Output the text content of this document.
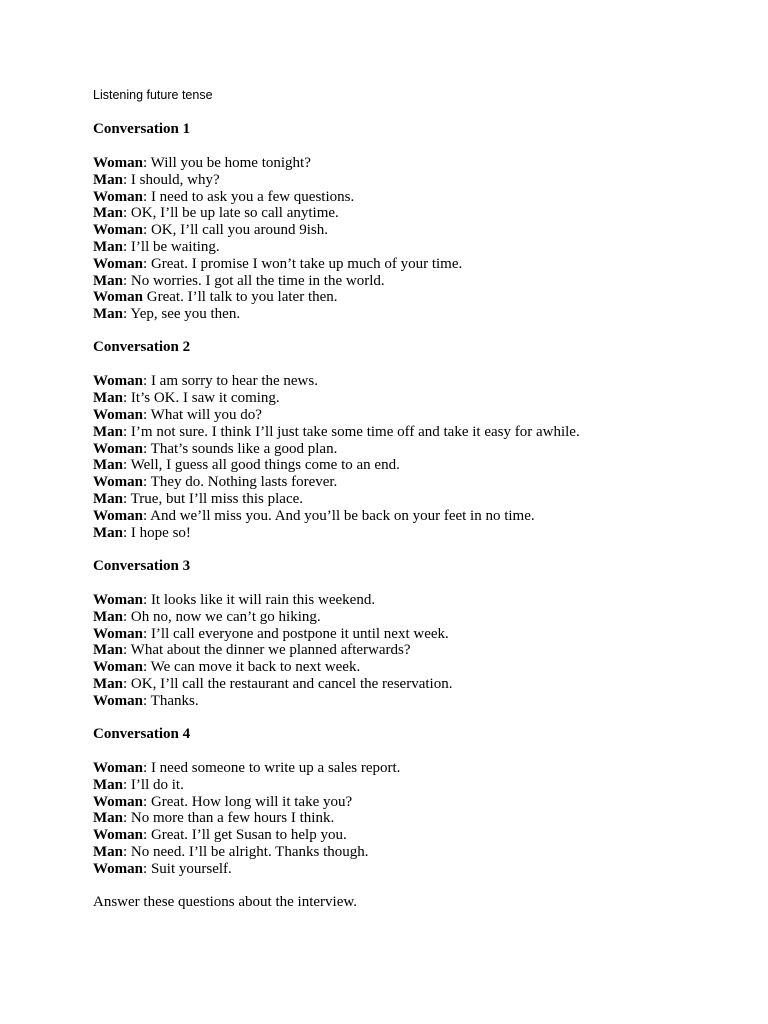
Listening future tense
Conversation 1
Woman: Will you be home tonight?
Man: I should, why?
Woman: I need to ask you a few questions.
Man: OK, I’ll be up late so call anytime.
Woman: OK, I’ll call you around 9ish.
Man: I’ll be waiting.
Woman: Great. I promise I won’t take up much of your time.
Man: No worries. I got all the time in the world.
Woman Great. I’ll talk to you later then.
Man: Yep, see you then.
Conversation 2
Woman: I am sorry to hear the news.
Man: It’s OK. I saw it coming.
Woman: What will you do?
Man: I’m not sure. I think I’ll just take some time off and take it easy for awhile.
Woman: That’s sounds like a good plan.
Man: Well, I guess all good things come to an end.
Woman: They do. Nothing lasts forever.
Man: True, but I’ll miss this place.
Woman: And we’ll miss you. And you’ll be back on your feet in no time.
Man: I hope so!
Conversation 3
Woman: It looks like it will rain this weekend.
Man: Oh no, now we can’t go hiking.
Woman: I’ll call everyone and postpone it until next week.
Man: What about the dinner we planned afterwards?
Woman: We can move it back to next week.
Man: OK, I’ll call the restaurant and cancel the reservation.
Woman: Thanks.
Conversation 4
Woman: I need someone to write up a sales report.
Man: I’ll do it.
Woman: Great. How long will it take you?
Man: No more than a few hours I think.
Woman: Great. I’ll get Susan to help you.
Man: No need. I’ll be alright. Thanks though.
Woman: Suit yourself.
Answer these questions about the interview.
